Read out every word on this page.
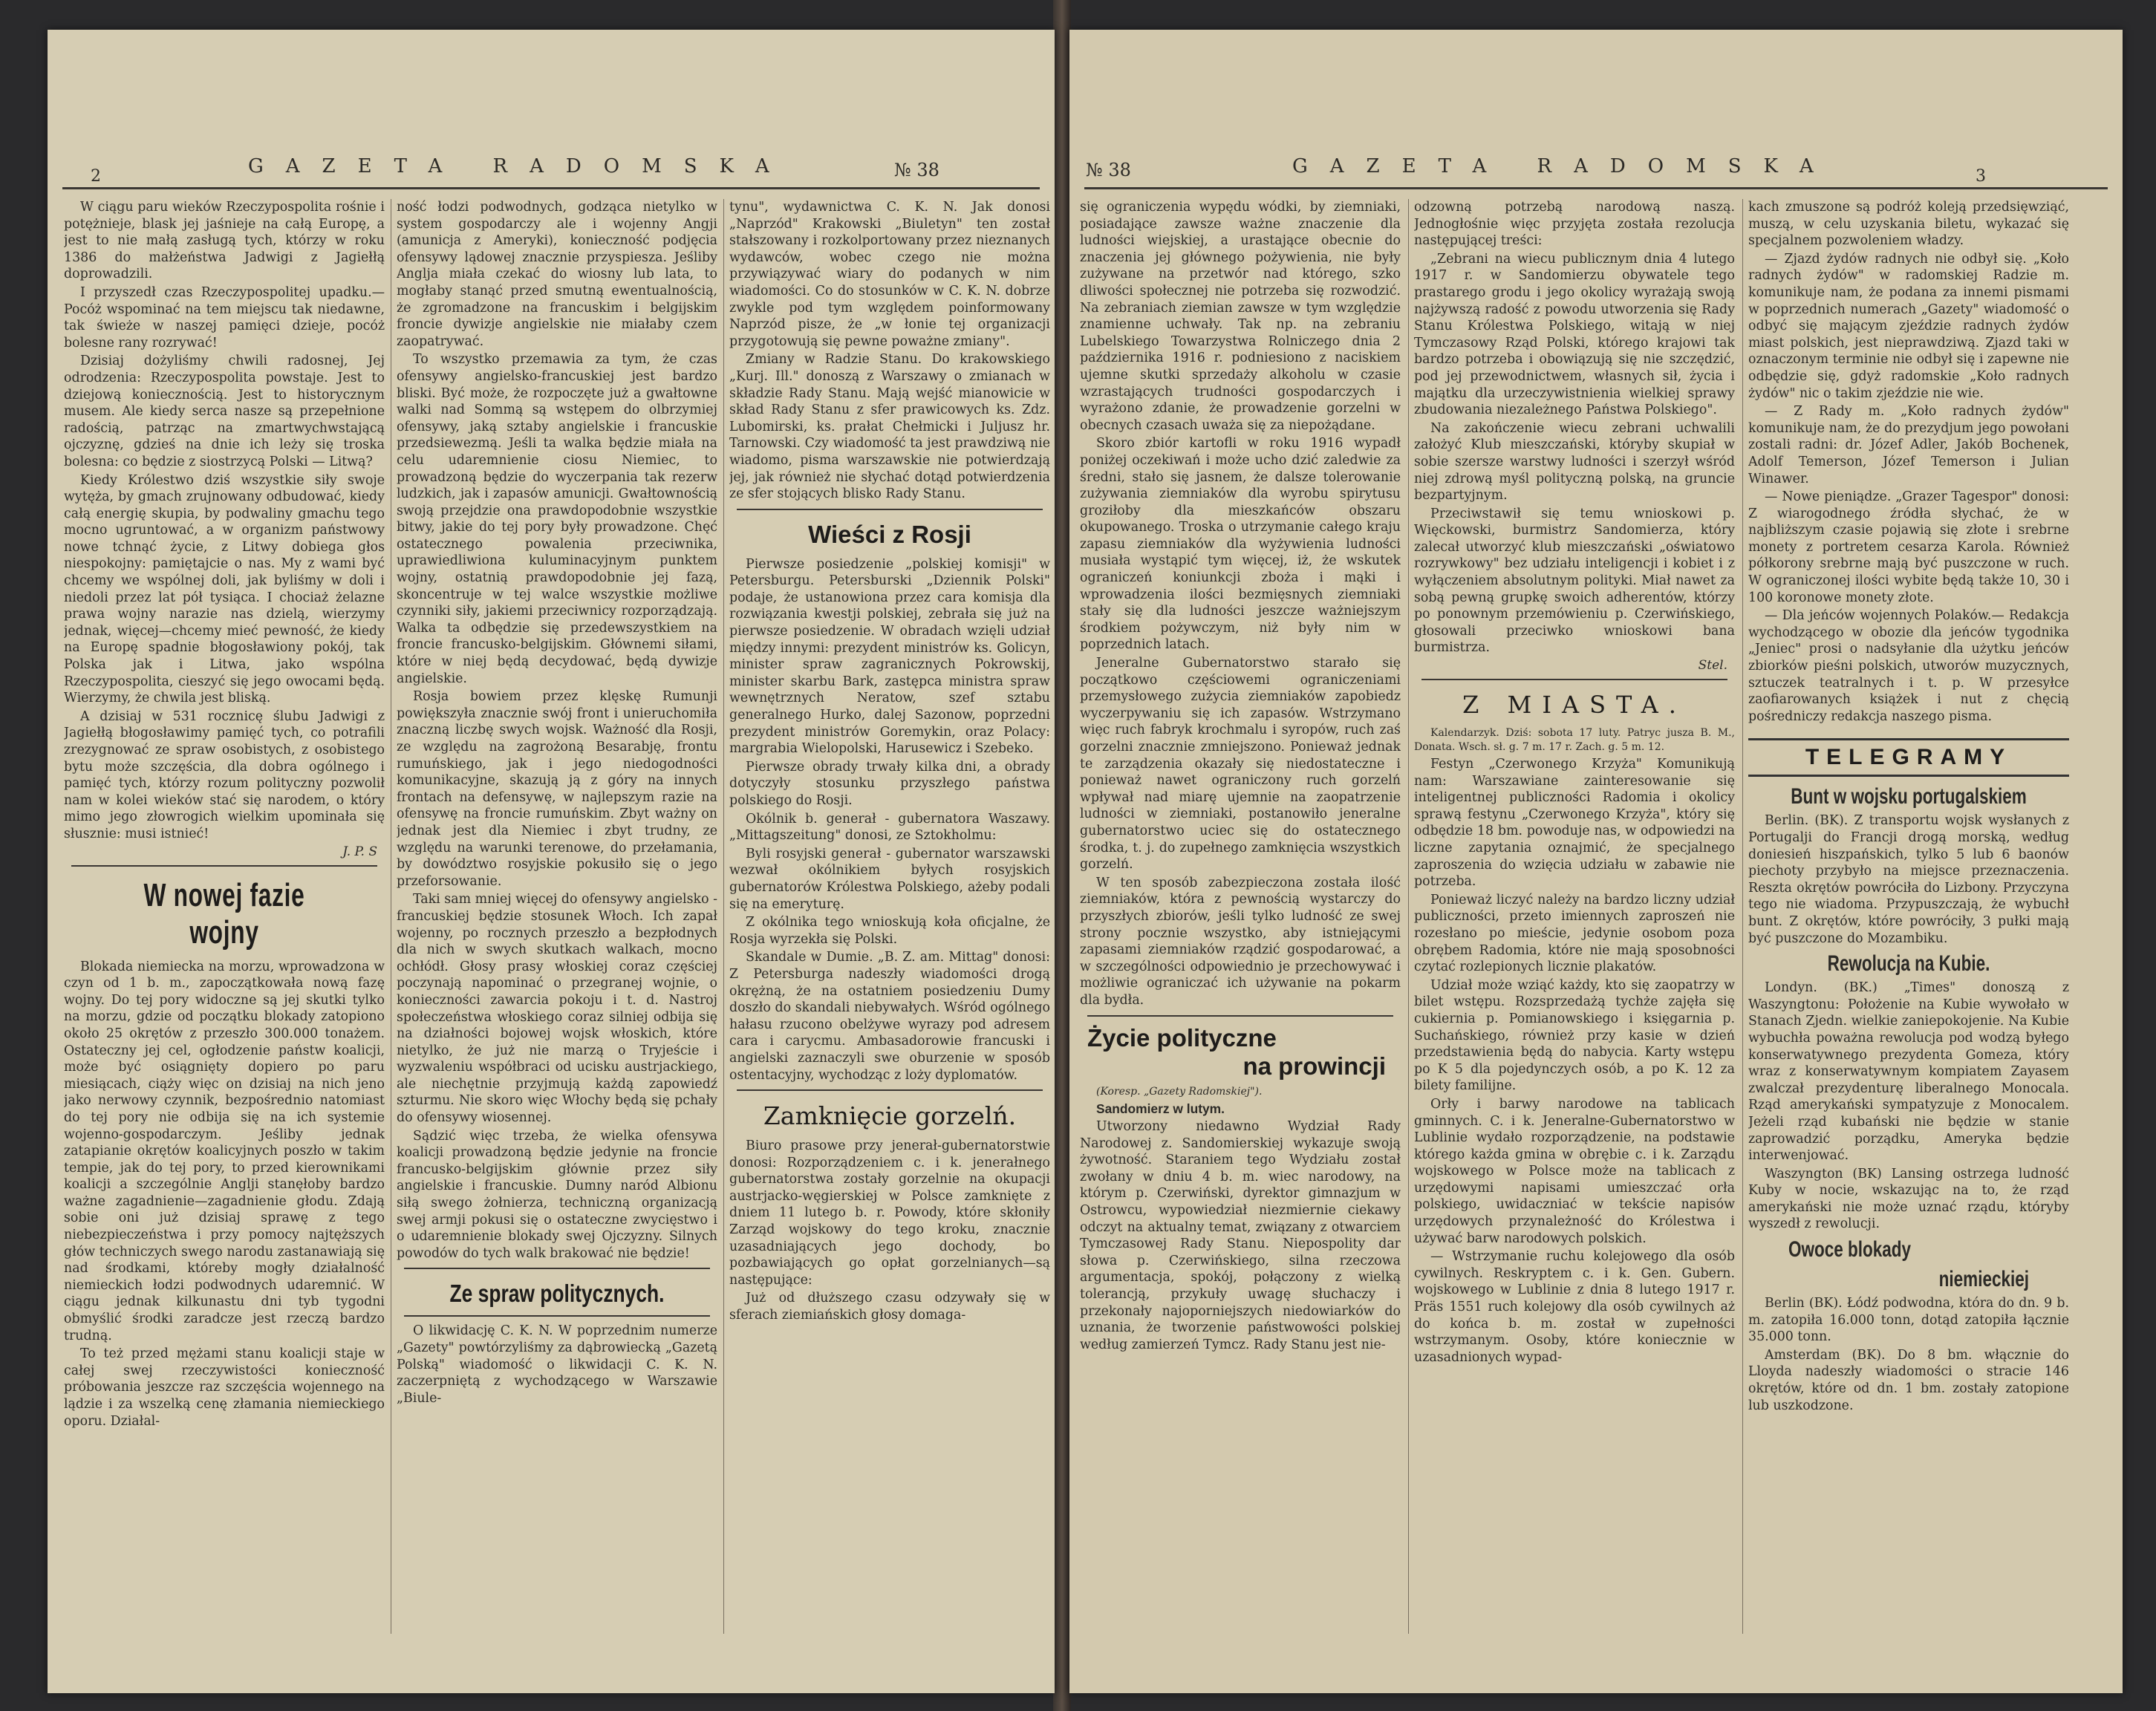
2	GAZETA RADOMSKA	№ 38

W ciągu paru wieków Rzeczypospolita rośnie i potężnieje, blask jej jaśnieje na całą Europę, a jest to nie małą zasługą tych, którzy w roku 1386 do małżeństwa Jadwigi z Jagiełłą doprowadzili.

I przyszedł czas Rzeczypospolitej upadku.—Pocóż wspominać na tem miejscu tak niedawne, tak świeże w naszej pamięci dzieje, pocóż bolesne rany rozrywać!

Dzisiaj dożyliśmy chwili radosnej, Jej odrodzenia: Rzeczypospolita powstaje. Jest to dziejową koniecznością. Jest to historycznym musem. Ale kiedy serca nasze są przepełnione radością, patrząc na zmartwychwstającą ojczyznę, gdzieś na dnie ich leży się troska bolesna: co będzie z siostrzycą Polski — Litwą?

Kiedy Królestwo dziś wszystkie siły swoje wytęża, by gmach zrujnowany odbudować, kiedy całą energię skupia, by podwaliny gmachu tego mocno ugruntować, a w organizm państwowy nowe tchnąć życie, z Litwy dobiega głos niespokojny: pamiętajcie o nas. My z wami być chcemy we wspólnej doli, jak byliśmy w doli i niedoli przez lat pół tysiąca. I chociaż żelazne prawa wojny narazie nas dzielą, wierzymy jednak, więcej—chcemy mieć pewność, że kiedy na Europę spadnie błogosławiony pokój, tak Polska jak i Litwa, jako wspólna Rzeczypospolita, cieszyć się jego owocami będą. Wierzymy, że chwila jest bliską.

A dzisiaj w 531 rocznicę ślubu Jadwigi z Jagiełłą błogosławimy pamięć tych, co potrafili zrezygnować ze spraw osobistych, z osobistego bytu może szczęścia, dla dobra ogólnego i pamięć tych, którzy rozum polityczny pozwolił nam w kolei wieków stać się narodem, o który mimo jego złowrogich wielkim upominała się słusznie: musi istnieć!

J. P. S
W nowej fazie wojny

Blokada niemiecka na morzu, wprowadzona w czyn od 1 b. m., zapoczątkowała nową fazę wojny. Do tej pory widoczne są jej skutki tylko na morzu, gdzie od początku blokady zatopiono około 25 okrętów z przeszło 300.000 tonażem. Ostateczny jej cel, ogłodzenie państw koalicji, może być osiągnięty dopiero po paru miesiącach, ciąży więc on dzisiaj na nich jeno jako nerwowy czynnik, bezpośrednio natomiast do tej pory nie odbija się na ich systemie wojenno-gospodarczym. Jeśliby jednak zatapianie okrętów koalicyjnych poszło w takim tempie, jak do tej pory, to przed kierownikami koalicji a szczególnie Anglji stanęłoby bardzo ważne zagadnienie—zagadnienie głodu. Zdają sobie oni już dzisiaj sprawę z tego niebezpieczeństwa i przy pomocy najtęższych głów techniczych swego narodu zastanawiają się nad środkami, któreby mogły działalność niemieckich łodzi podwodnych udaremnić. W ciągu jednak kilkunastu dni tyb tygodni obmyślić środki zaradcze jest rzeczą bardzo trudną.

To też przed mężami stanu koalicji staje w całej swej rzeczywistości konieczność próbowania jeszcze raz szczęścia wojennego na lądzie i za wszelką cenę złamania niemieckiego oporu. Działal-

ność łodzi podwodnych, godząca nietylko w system gospodarczy ale i wojenny Angji (amunicja z Ameryki), konieczność podjęcia ofensywy lądowej znacznie przyspiesza. Jeśliby Anglja miała czekać do wiosny lub lata, to mogłaby stanąć przed smutną ewentualnością, że zgromadzone na francuskim i belgijskim froncie dywizje angielskie nie miałaby czem zaopatrywać.

To wszystko przemawia za tym, że czas ofensywy angielsko-francuskiej jest bardzo bliski. Być może, że rozpoczęte już a gwałtowne walki nad Sommą są wstępem do olbrzymiej ofensywy, jaką sztaby angielskie i francuskie przedsiewezmą. Jeśli ta walka będzie miała na celu udaremnienie ciosu Niemiec, to prowadzoną będzie do wyczerpania tak rezerw ludzkich, jak i zapasów amunicji. Gwałtownością swoją przejdzie ona prawdopodobnie wszystkie bitwy, jakie do tej pory były prowadzone. Chęć ostatecznego powalenia przeciwnika, uprawiedliwiona kuluminacyjnym punktem wojny, ostatnią prawdopodobnie jej fazą, skoncentruje w tej walce wszystkie możliwe czynniki siły, jakiemi przeciwnicy rozporządzają. Walka ta odbędzie się przedewszystkiem na froncie francusko-belgijskim. Głównemi siłami, które w niej będą decydować, będą dywizje angielskie.

Rosja bowiem przez klęskę Rumunji powiększyła znacznie swój front i unieruchomiła znaczną liczbę swych wojsk. Ważność dla Rosji, ze względu na zagrożoną Besarabję, frontu rumuńskiego, jak i jego niedogodności komunikacyjne, skazują ją z góry na innych frontach na defensywę, w najlepszym razie na ofensywę na froncie rumuńskim. Zbyt ważny on jednak jest dla Niemiec i zbyt trudny, ze względu na warunki terenowe, do przełamania, by dowództwo rosyjskie pokusiło się o jego przeforsowanie.

Taki sam mniej więcej do ofensywy angielsko - francuskiej będzie stosunek Włoch. Ich zapał wojenny, po rocznych przeszło a bezpłodnych dla nich w swych skutkach walkach, mocno ochłódł. Głosy prasy włoskiej coraz częściej poczynają napominać o przegranej wojnie, o konieczności zawarcia pokoju i t. d. Nastroj społeczeństwa włoskiego coraz silniej odbija się na działności bojowej wojsk włoskich, które nietylko, że już nie marzą o Tryjeście i wyzwaleniu współbraci od ucisku austrjackiego, ale niechętnie przyjmują każdą zapowiedź szturmu. Nie skoro więc Włochy będą się pchały do ofensywy wiosennej.

Sądzić więc trzeba, że wielka ofensywa koalicji prowadzoną będzie jedynie na froncie francusko-belgijskim głównie przez siły angielskie i francuskie. Dumny naród Albionu siłą swego żołnierza, techniczną organizacją swej armji pokusi się o ostateczne zwycięstwo i o udaremnienie blokady swej Ojczyzny. Silnych powodów do tych walk brakować nie będzie!

Ze spraw politycznych.

O likwidację C. K. N. W poprzednim numerze „Gazety" powtórzyliśmy za dąbrowiecką „Gazetą Polską" wiadomość o likwidacji C. K. N. zaczerpniętą z wychodzącego w Warszawie „Biule-

tynu", wydawnictwa C. K. N. Jak donosi „Naprzód" Krakowski „Biuletyn" ten został stałszowany i rozkolportowany przez nieznanych wydawców, wobec czego nie można przywiązywać wiary do podanych w nim wiadomości. Co do stosunków w C. K. N. dobrze zwykle pod tym względem poinformowany Naprzód pisze, że „w łonie tej organizacji przygotowują się pewne poważne zmiany".

Zmiany w Radzie Stanu. Do krakowskiego „Kurj. Ill." donoszą z Warszawy o zmianach w składzie Rady Stanu. Mają wejść mianowicie w skład Rady Stanu z sfer prawicowych ks. Zdz. Lubomirski, ks. prałat Chełmicki i Juljusz hr. Tarnowski. Czy wiadomość ta jest prawdziwą nie wiadomo, pisma warszawskie nie potwierdzają jej, jak również nie słychać dotąd potwierdzenia ze sfer stojących blisko Rady Stanu.

Wieści z Rosji

Pierwsze posiedzenie „polskiej komisji" w Petersburgu. Petersburski „Dziennik Polski" podaje, że ustanowiona przez cara komisja dla rozwiązania kwestji polskiej, zebrała się już na pierwsze posiedzenie. W obradach wzięli udział między innymi: prezydent ministrów ks. Golicyn, minister spraw zagranicznych Pokrowskij, minister skarbu Bark, zastępca ministra spraw wewnętrznych Neratow, szef sztabu generalnego Hurko, dalej Sazonow, poprzedni prezydent ministrów Goremykin, oraz Polacy: margrabia Wielopolski, Harusewicz i Szebeko.

Pierwsze obrady trwały kilka dni, a obrady dotyczyły stosunku przyszłego państwa polskiego do Rosji.

Okólnik b. generał - gubernatora Waszawy. „Mittagszeitung" donosi, ze Sztokholmu:

Byli rosyjski generał - gubernator warszawski wezwał okólnikiem byłych rosyjskich gubernatorów Królestwa Polskiego, ażeby podali się na emeryturę.

Z okólnika tego wnioskują koła oficjalne, że Rosja wyrzekła się Polski.

Skandale w Dumie. „B. Z. am. Mittag" donosi: Z Petersburga nadeszły wiadomości drogą okrężną, że na ostatniem posiedzeniu Dumy doszło do skandali niebywałych. Wśród ogólnego hałasu rzucono obelżywe wyrazy pod adresem cara i carycmu. Ambasadorowie francuski i angielski zaznaczyli swe oburzenie w sposób ostentacyjny, wychodząc z loży dyplomatów.

Zamknięcie gorzelń.

Biuro prasowe przy jenerał-gubernatorstwie donosi: Rozporządzeniem c. i k. jenerałnego gubernatorstwa zostały gorzelnie na okupacji austrjacko-węgierskiej w Polsce zamknięte z dniem 11 lutego b. r. Powody, które skłoniły Zarząd wojskowy do tego kroku, znacznie uzasadniających jego dochody, bo pozbawiających go opłat gorzelnianych—są następujące:

Już od dłuższego czasu odzywały się w sferach ziemiańskich głosy domaga-

№ 38	GAZETA RADOMSKA	3

się ograniczenia wypędu wódki, by ziemniaki, posiadające zawsze ważne znaczenie dla ludności wiejskiej, a urastające obecnie do znaczenia jej głównego pożywienia, nie były zużywane na przetwór nad którego, szko dliwości społecznej nie potrzeba się rozwodzić. Na zebraniach ziemian zawsze w tym względzie znamienne uchwały. Tak np. na zebraniu Lubelskiego Towarzystwa Rolniczego dnia 2 października 1916 r. podniesiono z naciskiem ujemne skutki sprzedaży alkoholu w czasie wzrastających trudności gospodarczych i wyrażono zdanie, że prowadzenie gorzelni w obecnych czasach uważa się za niepożądane.

Skoro zbiór kartofli w roku 1916 wypadł poniżej oczekiwań i może ucho dzić zaledwie za średni, stało się jasnem, że dalsze tolerowanie zużywania ziemniaków dla wyrobu spirytusu groziłoby dla mieszkańców obszaru okupowanego. Troska o utrzymanie całego kraju zapasu ziemniaków dla wyżywienia ludności musiała wystąpić tym więcej, iż, że wskutek ograniczeń koniunkcji zboża i mąki i wprowadzenia ilości bezmięsnych ziemniaki stały się dla ludności jeszcze ważniejszym środkiem pożywczym, niż były nim w poprzednich latach.

Jeneralne Gubernatorstwo starało się początkowo częściowemi ograniczeniami przemysłowego zużycia ziemniaków zapobiedz wyczerpywaniu się ich zapasów. Wstrzymano więc ruch fabryk krochmalu i syropów, ruch zaś gorzelni znacznie zmniejszono. Ponieważ jednak te zarządzenia okazały się niedostateczne i ponieważ nawet ograniczony ruch gorzelń wpływał nad miarę ujemnie na zaopatrzenie ludności w ziemniaki, postanowiło jeneralne gubernatorstwo uciec się do ostatecznego środka, t. j. do zupełnego zamknięcia wszystkich gorzelń.

W ten sposób zabezpieczona została ilość ziemniaków, która z pewnością wystarczy do przyszłych zbiorów, jeśli tylko ludność ze swej strony pocznie wszystko, aby istniejącymi zapasami ziemniaków rządzić gospodarować, a w szczególności odpowiednio je przechowywać i możliwie ograniczać ich używanie na pokarm dla bydła.

Życie polityczne
na prowincji

(Koresp. „Gazety Radomskiej").

Sandomierz w lutym.

Utworzony niedawno Wydział Rady Narodowej z. Sandomierskiej wykazuje swoją żywotność. Staraniem tego Wydziału został zwołany w dniu 4 b. m. wiec narodowy, na którym p. Czerwiński, dyrektor gimnazjum w Ostrowcu, wypowiedział niezmiernie ciekawy odczyt na aktualny temat, związany z otwarciem Tymczasowej Rady Stanu. Niepospolity dar słowa p. Czerwińskiego, silna rzeczowa argumentacja, spokój, połączony z wielką tolerancją, przykuły uwagę słuchaczy i przekonały najoporniejszych niedowiarków do uznania, że tworzenie państwowości polskiej według zamierzeń Tymcz. Rady Stanu jest nie-

odzowną potrzebą narodową naszą. Jednogłośnie więc przyjęta została rezolucja następującej treści:

„Zebrani na wiecu publicznym dnia 4 lutego 1917 r. w Sandomierzu obywatele tego prastarego grodu i jego okolicy wyrażają swoją najżywszą radość z powodu utworzenia się Rady Stanu Królestwa Polskiego, witają w niej Tymczasowy Rząd Polski, którego krajowi tak bardzo potrzeba i obowiązują się nie szczędzić, pod jej przewodnictwem, własnych sił, życia i majątku dla urzeczywistnienia wielkiej sprawy zbudowania niezależnego Państwa Polskiego".

Na zakończenie wiecu zebrani uchwalili założyć Klub mieszczański, któryby skupiał w sobie szersze warstwy ludności i szerzył wśród niej zdrową myśl polityczną polską, na gruncie bezpartyjnym.

Przeciwstawił się temu wnioskowi p. Więckowski, burmistrz Sandomierza, który zalecał utworzyć klub mieszczański „oświatowo rozrywkowy" bez udziału inteligencji i kobiet i z wyłączeniem absolutnym polityki. Miał nawet za sobą pewną grupkę swoich adherentów, którzy po ponownym przemówieniu p. Czerwińskiego, głosowali przeciwko wnioskowi bana burmistrza.

Stel.
Z MIASTA.

Kalendarzyk. Dziś: sobota 17 luty. Patryc jusza B. M., Donata. Wsch. sł. g. 7 m. 17 r. Zach. g. 5 m. 12.

Festyn „Czerwonego Krzyża" Komunikują nam: Warszawiane zainteresowanie się inteligentnej publiczności Radomia i okolicy sprawą festynu „Czerwonego Krzyża", który się odbędzie 18 bm. powoduje nas, w odpowiedzi na liczne zapytania oznajmić, że specjalnego zaproszenia do wzięcia udziału w zabawie nie potrzeba.

Ponieważ liczyć należy na bardzo liczny udział publiczności, przeto imiennych zaproszeń nie rozesłano po mieście, jedynie osobom poza obrębem Radomia, które nie mają sposobności czytać rozlepionych licznie plakatów.

Udział może wziąć każdy, kto się zaopatrzy w bilet wstępu. Rozsprzedażą tychże zajęła się cukiernia p. Pomianowskiego i księgarnia p. Suchańskiego, również przy kasie w dzień przedstawienia będą do nabycia. Karty wstępu po K 5 dla pojedynczych osób, a po K. 12 za bilety familijne.

Orły i barwy narodowe na tablicach gminnych. C. i k. Jeneralne-Gubernatorstwo w Lublinie wydało rozporządzenie, na podstawie którego każda gmina w obrębie c. i k. Zarządu wojskowego w Polsce może na tablicach z urzędowymi napisami umieszczać orła polskiego, uwidaczniać w tekście napisów urzędowych przynależność do Królestwa i używać barw narodowych polskich.

— Wstrzymanie ruchu kolejowego dla osób cywilnych. Reskryptem c. i k. Gen. Gubern. wojskowego w Lublinie z dnia 8 lutego 1917 r. Präs 1551 ruch kolejowy dla osób cywilnych aż do końca b. m. został w zupełności wstrzymanym. Osoby, które koniecznie w uzasadnionych wypad-

kach zmuszone są podróż koleją przedsięwziąć, muszą, w celu uzyskania biletu, wykazać się specjalnem pozwoleniem władzy.

— Zjazd żydów radnych nie odbył się. „Koło radnych żydów" w radomskiej Radzie m. komunikuje nam, że podana za innemi pismami w poprzednich numerach „Gazety" wiadomość o odbyć się mającym zjeździe radnych żydów miast polskich, jest nieprawdziwą. Zjazd taki w oznaczonym terminie nie odbył się i zapewne nie odbędzie się, gdyż radomskie „Koło radnych żydów" nic o takim zjeździe nie wie.

— Z Rady m. „Koło radnych żydów" komunikuje nam, że do prezydjum jego powołani zostali radni: dr. Józef Adler, Jakób Bochenek, Adolf Temerson, Józef Temerson i Julian Winawer.

— Nowe pieniądze. „Grazer Tagespor" donosi: Z wiarogodnego źródła słychać, że w najbliższym czasie pojawią się złote i srebrne monety z portretem cesarza Karola. Również półkorony srebrne mają być puszczone w ruch. W ograniczonej ilości wybite będą także 10, 30 i 100 koronowe monety złote.

— Dla jeńców wojennych Polaków.— Redakcja wychodzącego w obozie dla jeńców tygodnika „Jeniec" prosi o nadsyłanie dla użytku jeńców zbiorków pieśni polskich, utworów muzycznych, sztuczek teatralnych i t. p. W przesyłce zaofiarowanych książek i nut z chęcią pośredniczy redakcja naszego pisma.

TELEGRAMY
Bunt w wojsku portugalskiem

Berlin. (BK). Z transportu wojsk wysłanych z Portugalji do Francji drogą morską, według doniesień hiszpańskich, tylko 5 lub 6 baonów piechoty przybyło na miejsce przeznaczenia. Reszta okrętów powróciła do Lizbony. Przyczyna tego nie wiadoma. Przypuszczają, że wybuchł bunt. Z okrętów, które powróciły, 3 pułki mają być puszczone do Mozambiku.

Rewolucja na Kubie.

Londyn. (BK.) „Times" donoszą z Waszyngtonu: Położenie na Kubie wywołało w Stanach Zjedn. wielkie zaniepokojenie. Na Kubie wybuchła poważna rewolucja pod wodzą byłego konserwatywnego prezydenta Gomeza, który wraz z konserwatywnym kompiatem Zayasem zwalczał prezydenturę liberalnego Monocala. Rząd amerykański sympatyzuje z Monocalem. Jeżeli rząd kubański nie będzie w stanie zaprowadzić porządku, Ameryka będzie interwenjować.

Waszyngton (BK) Lansing ostrzega ludność Kuby w nocie, wskazując na to, że rząd amerykański nie może uznać rządu, któryby wyszedł z rewolucji.

Owoce blokady
niemieckiej

Berlin (BK). Łódź podwodna, która do dn. 9 b. m. zatopiła 16.000 tonn, dotąd zatopiła łącznie 35.000 tonn.

Amsterdam (BK). Do 8 bm. włącznie do Lloyda nadeszły wiadomości o stracie 146 okrętów, które od dn. 1 bm. zostały zatopione lub uszkodzone.
